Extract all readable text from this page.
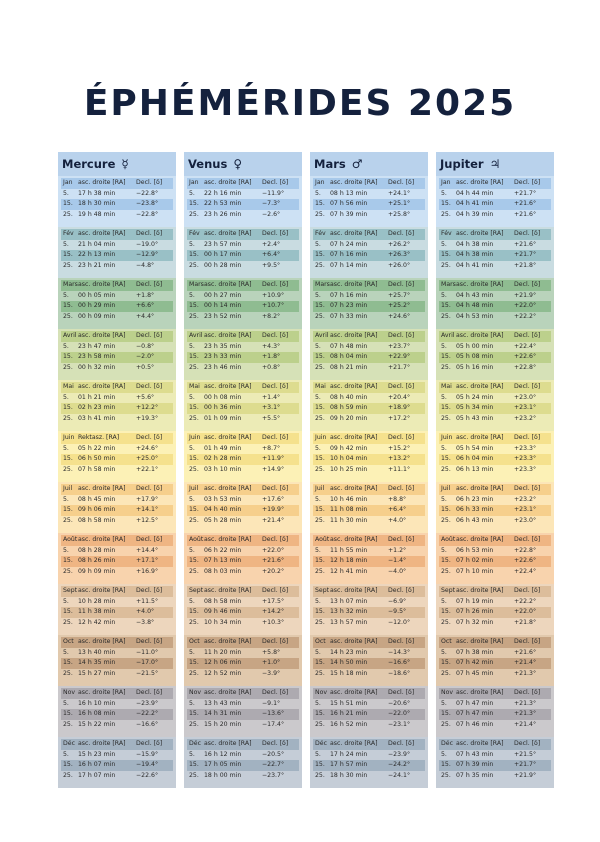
ÉPHÉMÉRIDES 2025
Mercure ☿
Jan asc. droite [RA]	Decl. [δ]
5.	17 h 38 min	−22.8°
15. 18 h 30 min	−23.8°
25. 19 h 48 min	−22.8°
Fév asc. droite [RA]	Decl. [δ]
5.	21 h 04 min	−19.0°
15. 22 h 13 min	−12.9°
25. 23 h 21 min	−4.8°
Mars asc. droite [RA]	Decl. [δ]
5.	00 h 05 min	+1.8°
15. 00 h 29 min	+6.6°
25. 00 h 09 min	+4.4°
Avril asc. droite [RA]	Decl. [δ]
5.	23 h 47 min	−0.8°
15. 23 h 58 min	−2.0°
25. 00 h 32 min	+0.5°
Mai asc. droite [RA]	Decl. [δ]
5.	01 h 21 min	+5.6°
15. 02 h 23 min	+12.2°
25. 03 h 41 min	+19.3°
Juin Rektasz. [RA]	Decl. [δ]
5.	05 h 22 min	+24.6°
15. 06 h 50 min	+25.0°
25. 07 h 58 min	+22.1°
Juil asc. droite [RA]	Decl. [δ]
5.	08 h 45 min	+17.9°
15. 09 h 06 min	+14.1°
25. 08 h 58 min	+12.5°
Août asc. droite [RA]	Decl. [δ]
5.	08 h 28 min	+14.4°
15. 08 h 26 min	+17.1°
25. 09 h 09 min	+16.9°
Sept asc. droite [RA]	Decl. [δ]
5.	10 h 28 min	+11.5°
15. 11 h 38 min	+4.0°
25. 12 h 42 min	−3.8°
Oct asc. droite [RA]	Decl. [δ]
5.	13 h 40 min	−11.0°
15. 14 h 35 min	−17.0°
25. 15 h 27 min	−21.5°
Nov asc. droite [RA]	Decl. [δ]
5.	16 h 10 min	−23.9°
15. 16 h 08 min	−22.2°
25. 15 h 22 min	−16.6°
Déc asc. droite [RA]	Decl. [δ]
5.	15 h 23 min	−15.9°
15. 16 h 07 min	−19.4°
25. 17 h 07 min	−22.6°
Venus ♀
Jan asc. droite [RA]	Decl. [δ]
5.	22 h 16 min	−11.9°
15. 22 h 53 min	−7.3°
25. 23 h 26 min	−2.6°
Fév asc. droite [RA]	Decl. [δ]
5.	23 h 57 min	+2.4°
15. 00 h 17 min	+6.4°
25. 00 h 28 min	+9.5°
Mars asc. droite [RA]	Decl. [δ]
5.	00 h 27 min	+10.9°
15. 00 h 14 min	+10.7°
25. 23 h 52 min	+8.2°
Avril asc. droite [RA]	Decl. [δ]
5.	23 h 35 min	+4.3°
15. 23 h 33 min	+1.8°
25. 23 h 46 min	+0.8°
Mai asc. droite [RA]	Decl. [δ]
5.	00 h 08 min	+1.4°
15. 00 h 36 min	+3.1°
25. 01 h 09 min	+5.5°
Juin asc. droite [RA]	Decl. [δ]
5.	01 h 49 min	+8.7°
15. 02 h 28 min	+11.9°
25. 03 h 10 min	+14.9°
Juil asc. droite [RA]	Decl. [δ]
5.	03 h 53 min	+17.6°
15. 04 h 40 min	+19.9°
25. 05 h 28 min	+21.4°
Août asc. droite [RA]	Decl. [δ]
5.	06 h 22 min	+22.0°
15. 07 h 13 min	+21.6°
25. 08 h 03 min	+20.2°
Sept asc. droite [RA]	Decl. [δ]
5.	08 h 58 min	+17.5°
15. 09 h 46 min	+14.2°
25. 10 h 34 min	+10.3°
Oct asc. droite [RA]	Decl. [δ]
5.	11 h 20 min	+5.8°
15. 12 h 06 min	+1.0°
25. 12 h 52 min	−3.9°
Nov asc. droite [RA]	Decl. [δ]
5.	13 h 43 min	−9.1°
15. 14 h 31 min	−13.6°
25. 15 h 20 min	−17.4°
Déc asc. droite [RA]	Decl. [δ]
5.	16 h 12 min	−20.5°
15. 17 h 05 min	−22.7°
25. 18 h 00 min	−23.7°
Mars ♂
Jan asc. droite [RA]	Decl. [δ]
5.	08 h 13 min	+24.1°
15. 07 h 56 min	+25.1°
25. 07 h 39 min	+25.8°
Fév asc. droite [RA]	Decl. [δ]
5.	07 h 24 min	+26.2°
15. 07 h 16 min	+26.3°
25. 07 h 14 min	+26.0°
Mars asc. droite [RA]	Decl. [δ]
5.	07 h 16 min	+25.7°
15. 07 h 23 min	+25.2°
25. 07 h 33 min	+24.6°
Avril asc. droite [RA]	Decl. [δ]
5.	07 h 48 min	+23.7°
15. 08 h 04 min	+22.9°
25. 08 h 21 min	+21.7°
Mai asc. droite [RA]	Decl. [δ]
5.	08 h 40 min	+20.4°
15. 08 h 59 min	+18.9°
25. 09 h 20 min	+17.2°
Juin asc. droite [RA]	Decl. [δ]
5.	09 h 42 min	+15.2°
15. 10 h 04 min	+13.2°
25. 10 h 25 min	+11.1°
Juil asc. droite [RA]	Decl. [δ]
5.	10 h 46 min	+8.8°
15. 11 h 08 min	+6.4°
25. 11 h 30 min	+4.0°
Août asc. droite [RA]	Decl. [δ]
5.	11 h 55 min	+1.2°
15. 12 h 18 min	−1.4°
25. 12 h 41 min	−4.0°
Sept asc. droite [RA]	Decl. [δ]
5.	13 h 07 min	−6.9°
15. 13 h 32 min	−9.5°
25. 13 h 57 min	−12.0°
Oct asc. droite [RA]	Decl. [δ]
5.	14 h 23 min	−14.3°
15. 14 h 50 min	−16.6°
25. 15 h 18 min	−18.6°
Nov asc. droite [RA]	Decl. [δ]
5.	15 h 51 min	−20.6°
15. 16 h 21 min	−22.0°
25. 16 h 52 min	−23.1°
Déc asc. droite [RA]	Decl. [δ]
5.	17 h 24 min	−23.9°
15. 17 h 57 min	−24.2°
25. 18 h 30 min	−24.1°
Jupiter ♃
Jan asc. droite [RA]	Decl. [δ]
5.	04 h 44 min	+21.7°
15. 04 h 41 min	+21.6°
25. 04 h 39 min	+21.6°
Fév asc. droite [RA]	Decl. [δ]
5.	04 h 38 min	+21.6°
15. 04 h 38 min	+21.7°
25. 04 h 41 min	+21.8°
Mars asc. droite [RA]	Decl. [δ]
5.	04 h 43 min	+21.9°
15. 04 h 48 min	+22.0°
25. 04 h 53 min	+22.2°
Avril asc. droite [RA]	Decl. [δ]
5.	05 h 00 min	+22.4°
15. 05 h 08 min	+22.6°
25. 05 h 16 min	+22.8°
Mai asc. droite [RA]	Decl. [δ]
5.	05 h 24 min	+23.0°
15. 05 h 34 min	+23.1°
25. 05 h 43 min	+23.2°
Juin asc. droite [RA]	Decl. [δ]
5.	05 h 54 min	+23.3°
15. 06 h 04 min	+23.3°
25. 06 h 13 min	+23.3°
Juil asc. droite [RA]	Decl. [δ]
5.	06 h 23 min	+23.2°
15. 06 h 33 min	+23.1°
25. 06 h 43 min	+23.0°
Août asc. droite [RA]	Decl. [δ]
5.	06 h 53 min	+22.8°
15. 07 h 02 min	+22.6°
25. 07 h 10 min	+22.4°
Sept asc. droite [RA]	Decl. [δ]
5.	07 h 19 min	+22.2°
15. 07 h 26 min	+22.0°
25. 07 h 32 min	+21.8°
Oct asc. droite [RA]	Decl. [δ]
5.	07 h 38 min	+21.6°
15. 07 h 42 min	+21.4°
25. 07 h 45 min	+21.3°
Nov asc. droite [RA]	Decl. [δ]
5.	07 h 47 min	+21.3°
15. 07 h 47 min	+21.3°
25. 07 h 46 min	+21.4°
Déc asc. droite [RA]	Decl. [δ]
5.	07 h 43 min	+21.5°
15. 07 h 39 min	+21.7°
25. 07 h 35 min	+21.9°
